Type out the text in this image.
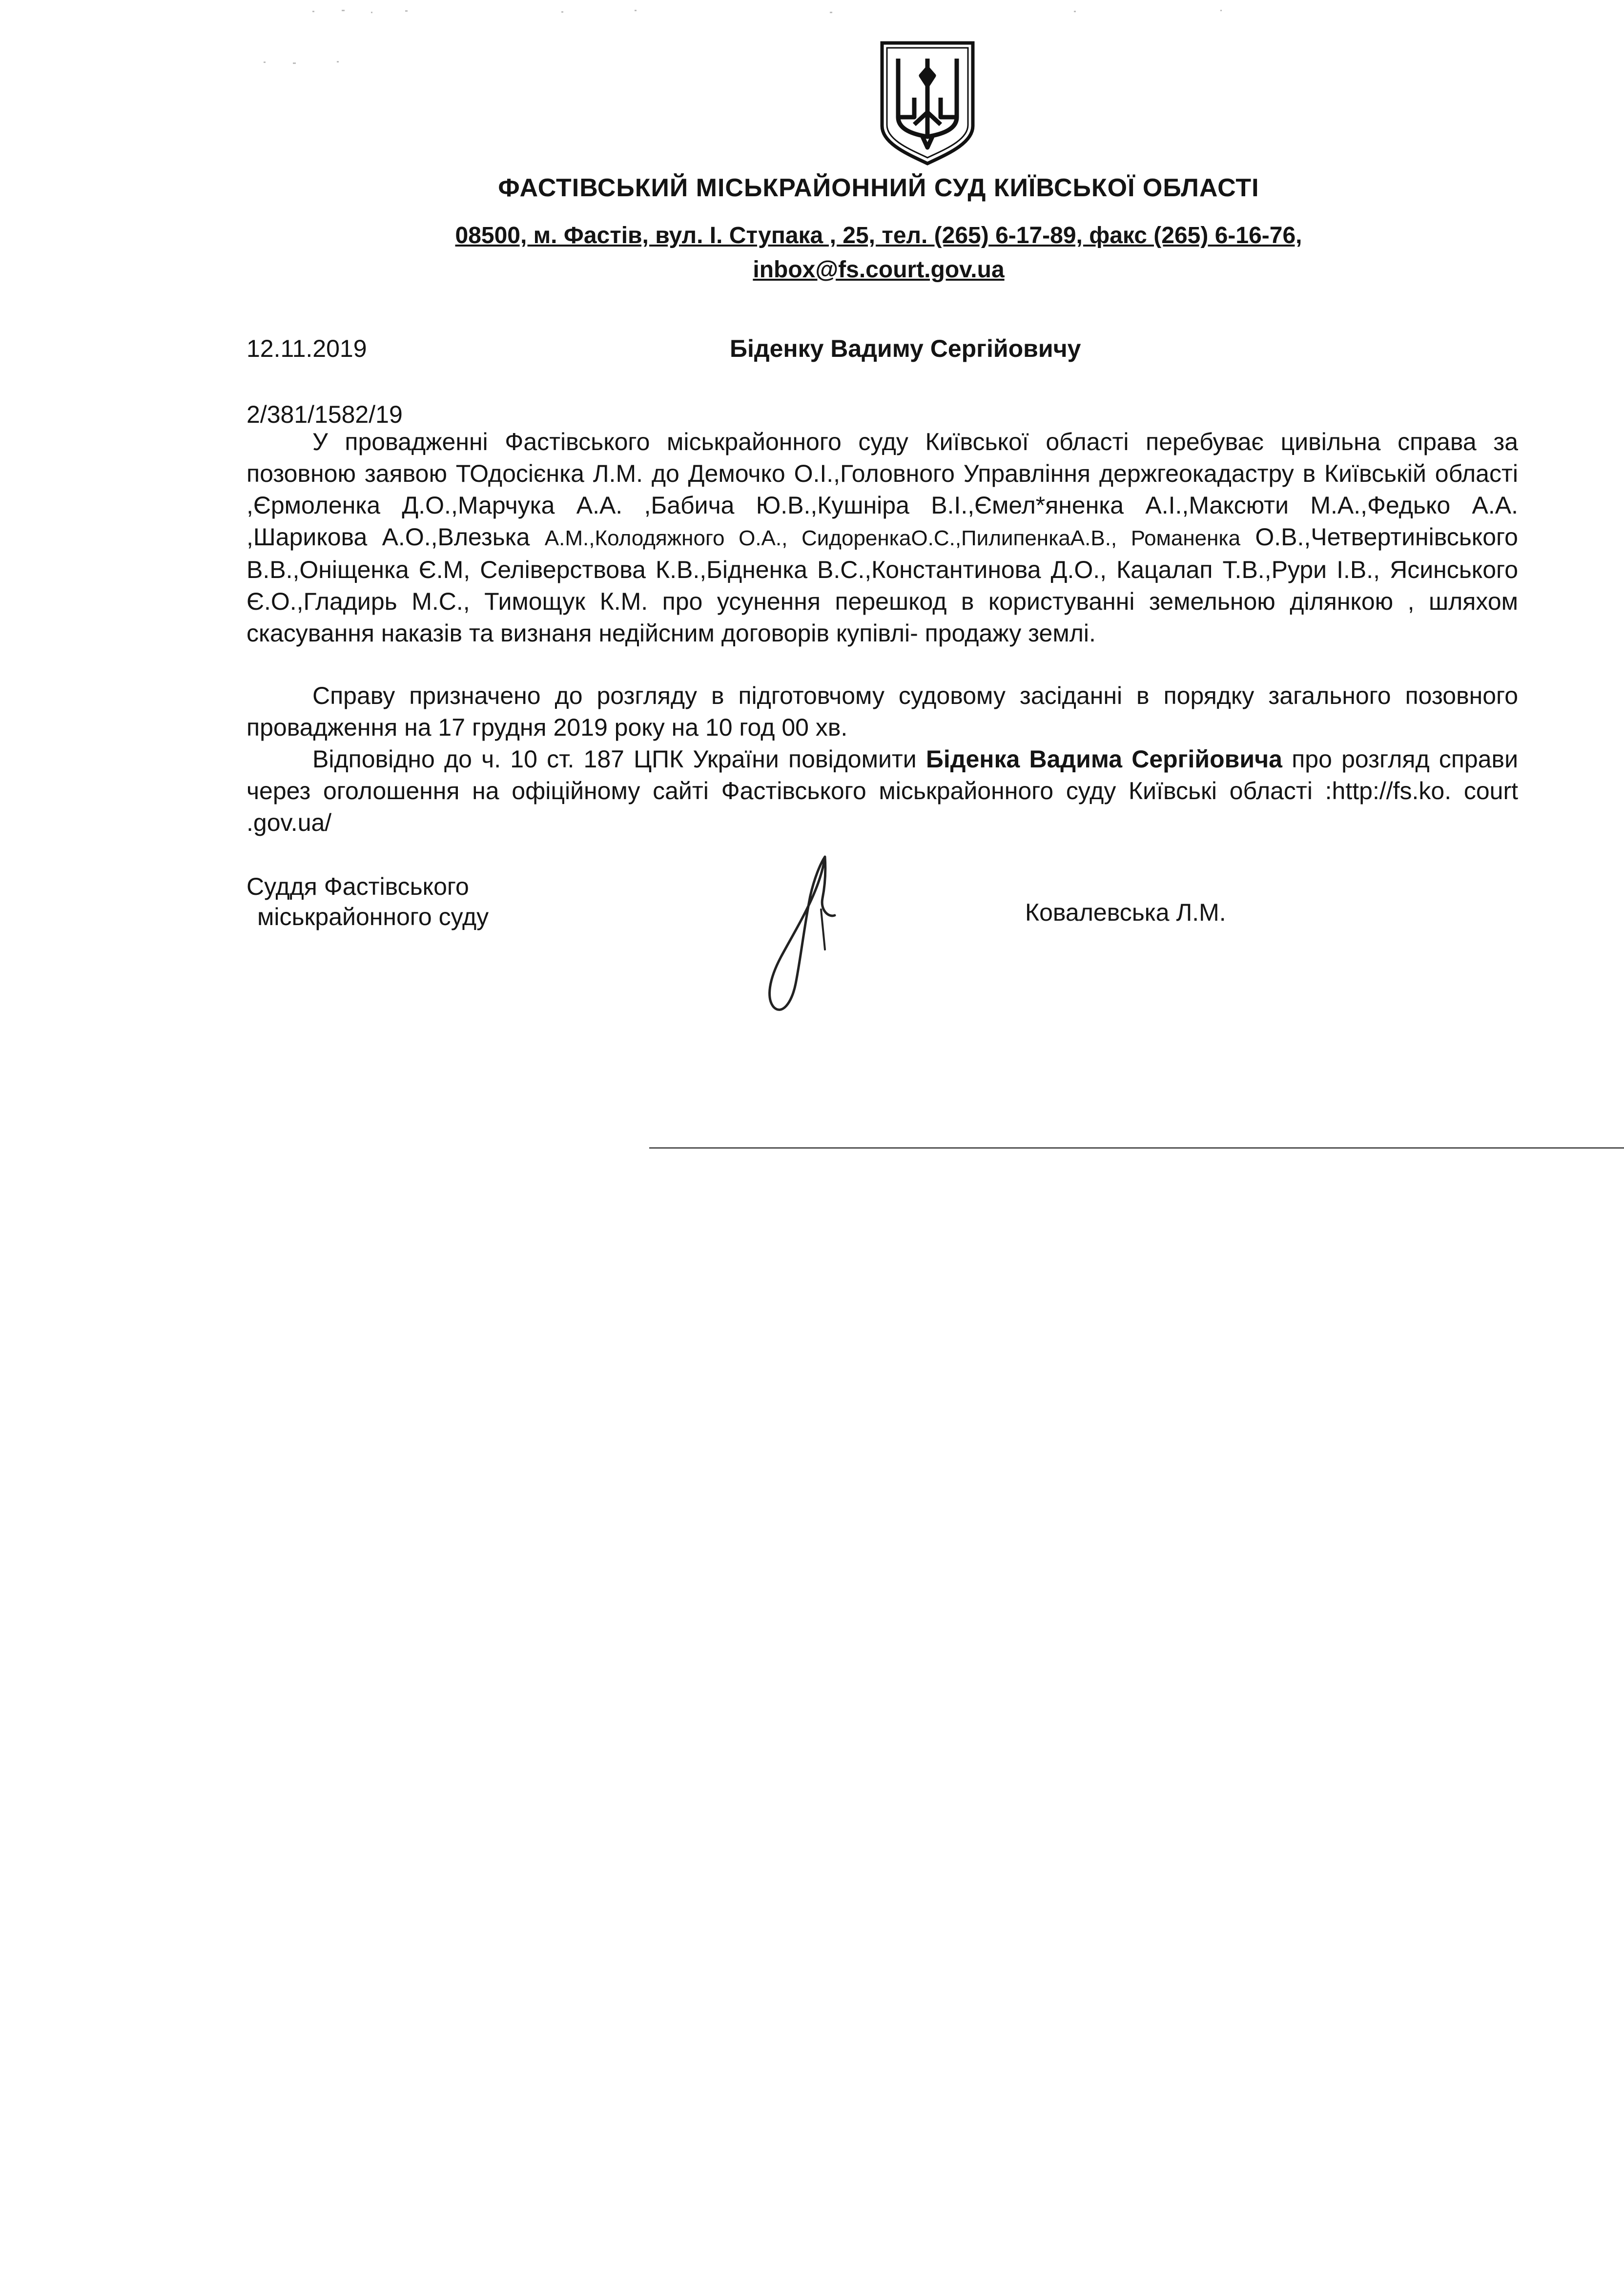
ФАСТІВСЬКИЙ МІСЬКРАЙОННИЙ СУД КИЇВСЬКОЇ ОБЛАСТІ
08500, м. Фастів, вул. І. Ступака , 25, тел. (265) 6-17-89, факс (265) 6-16-76,
inbox@fs.court.gov.ua
12.11.2019	Біденку Вадиму Сергійовичу
2/381/1582/19

У провадженні Фастівського міськрайонного суду Київської області перебуває цивільна справа за позовною заявою ТОдосієнка Л.М. до Демочко О.І.,Головного Управління держгеокадастру в Київській області ,Єрмоленка Д.О.,Марчука А.А. ,Бабича Ю.В.,Кушніра В.І.,Ємел*яненка А.І.,Максюти М.А.,Федько А.А. ,Шарикова А.О.,Влезька А.М.,Колодяжного О.А., СидоренкаО.С.,ПилипенкаА.В., Романенка О.В.,Четвертинівського В.В.,Оніщенка Є.М, Селіверствова К.В.,Бідненка В.С.,Константинова Д.О., Кацалап Т.В.,Рури І.В., Ясинського Є.О.,Гладирь М.С., Тимощук К.М. про усунення перешкод в користуванні земельною ділянкою , шляхом скасування наказів та визнаня недійсним договорів купівлі- продажу землі.

Справу призначено до розгляду в підготовчому судовому засіданні в порядку загального позовного провадження на 17 грудня 2019 року на 10 год 00 хв.

Відповідно до ч. 10 ст. 187 ЦПК України повідомити Біденка Вадима Сергійовича про розгляд справи через оголошення на офіційному сайті Фастівського міськрайонного суду Київські області :http://fs.ko. court .gov.ua/

Суддя Фастівського
міськрайонного суду	Ковалевська Л.М.
